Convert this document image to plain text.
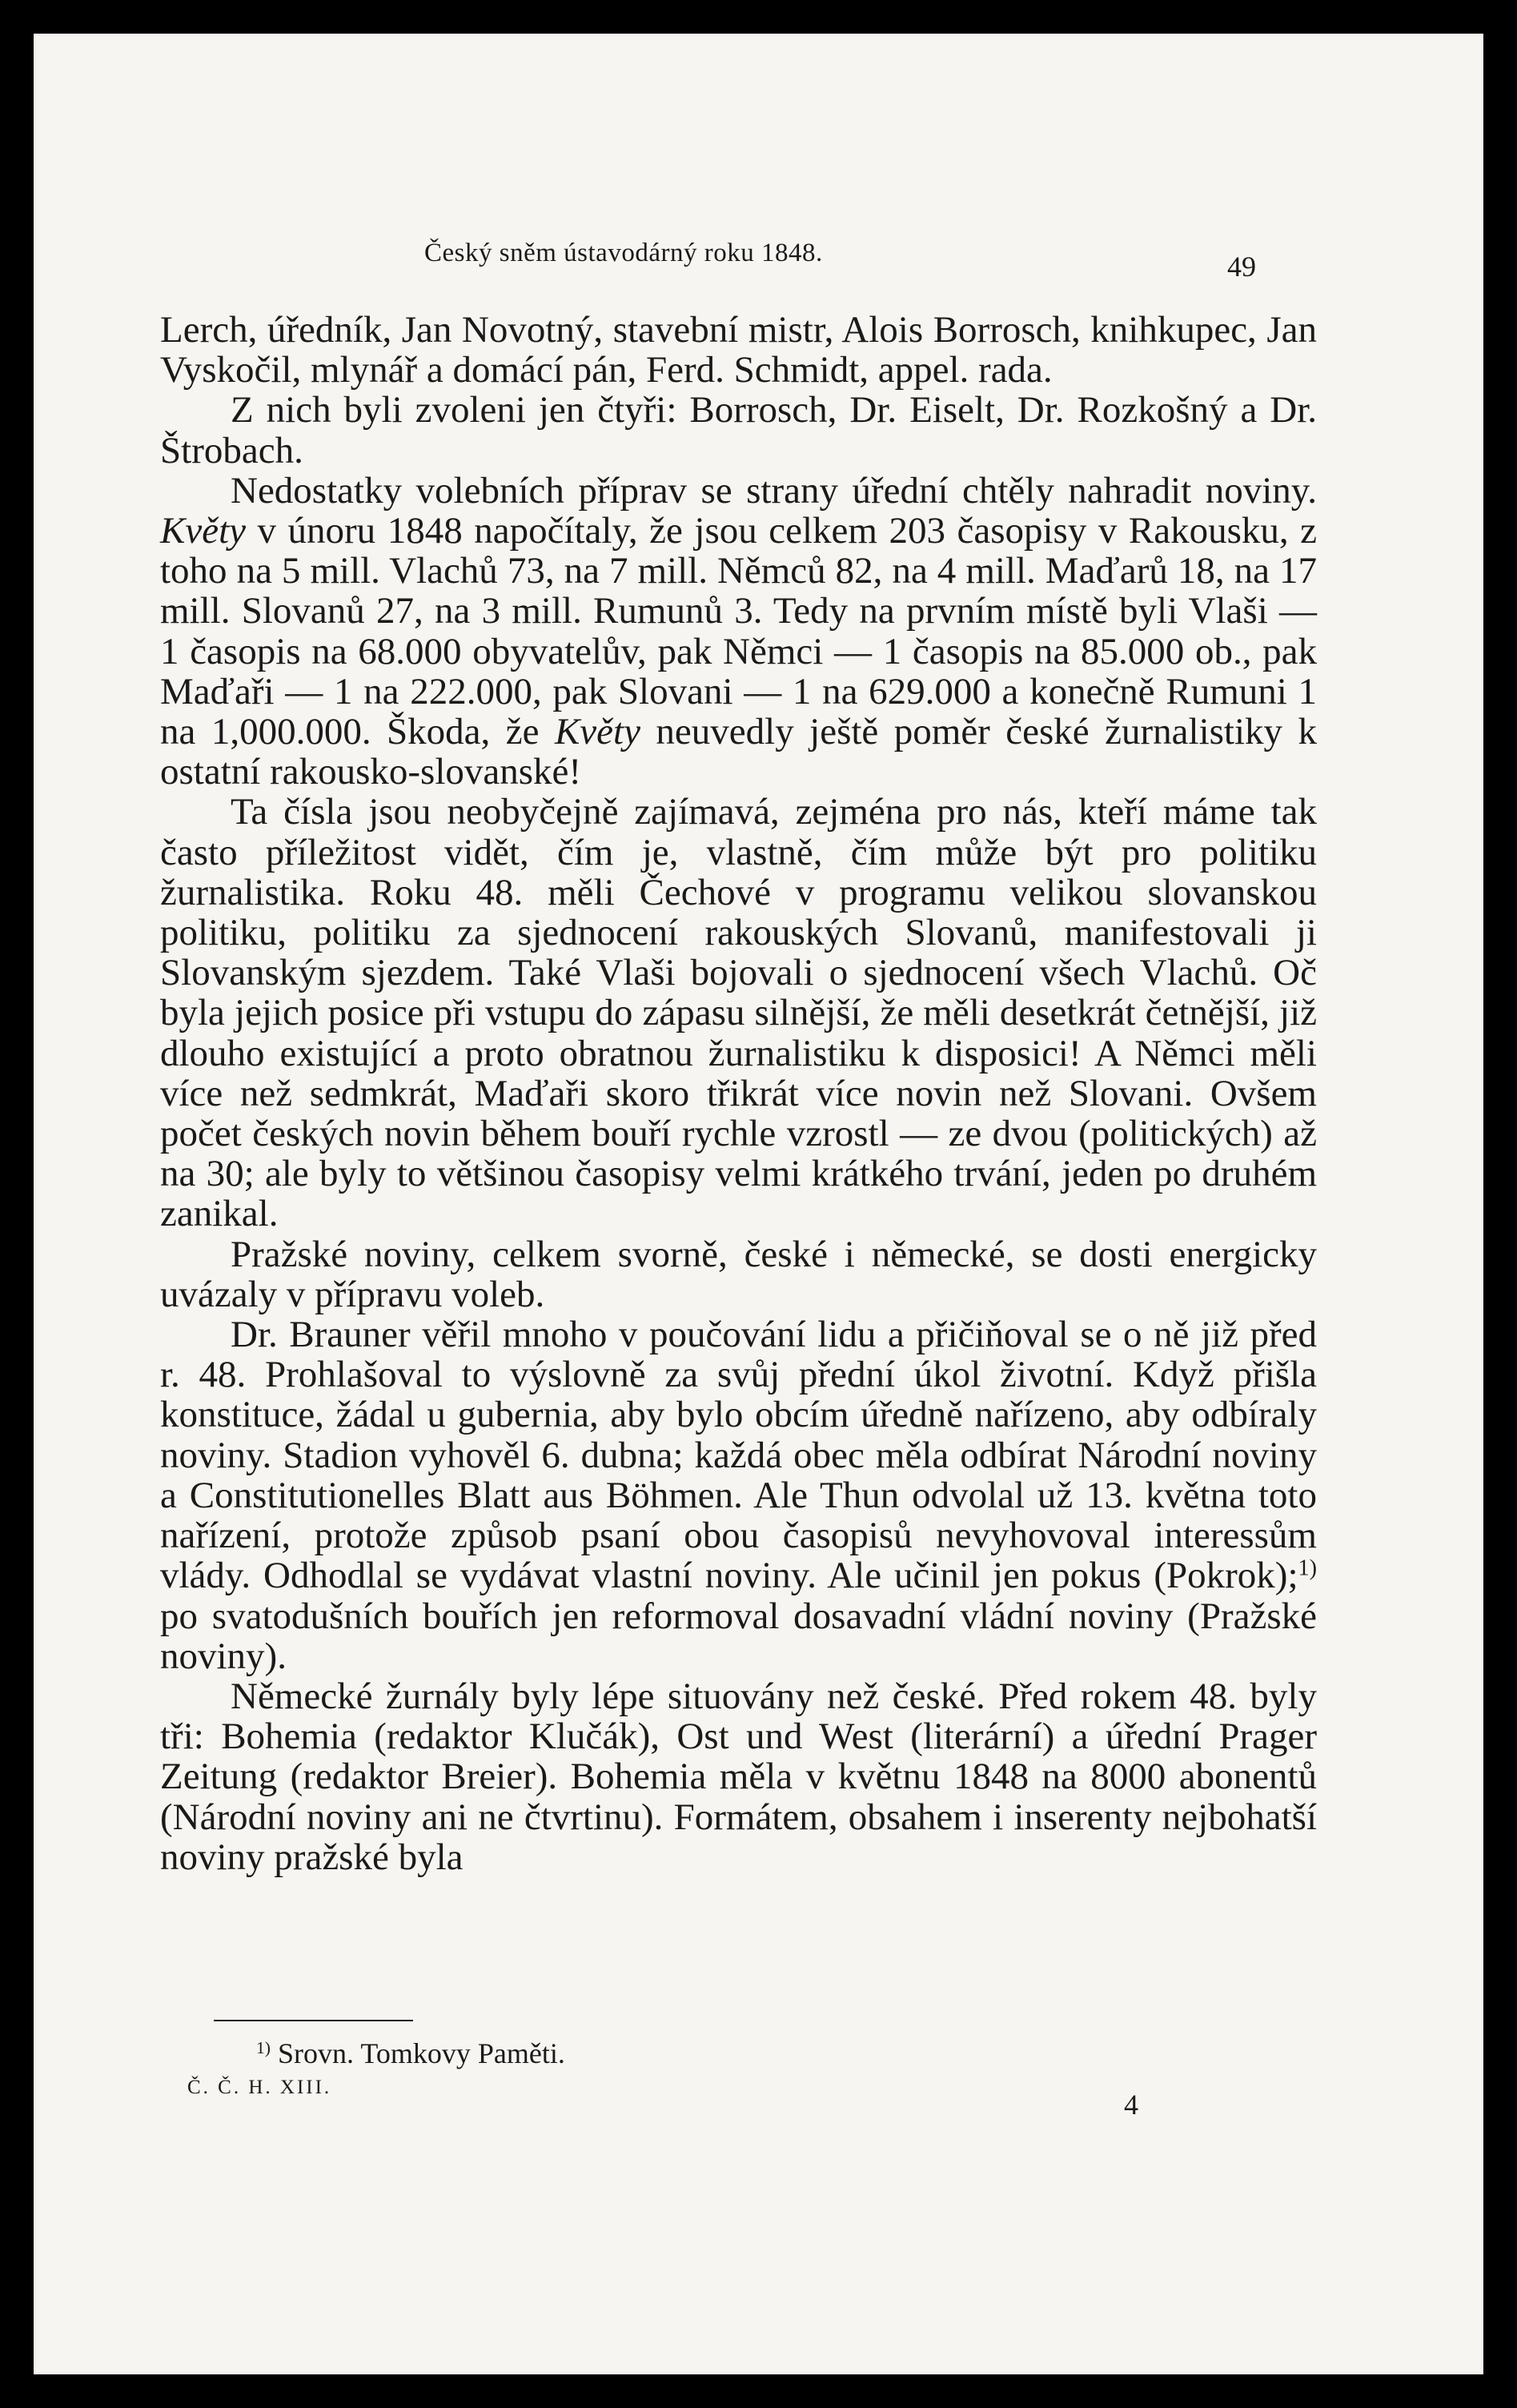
Český sněm ústavodárný roku 1848.	49

Lerch, úředník, Jan Novotný, stavební mistr, Alois Borrosch, knihkupec, Jan Vyskočil, mlynář a domácí pán, Ferd. Schmidt, appel. rada.

Z nich byli zvoleni jen čtyři: Borrosch, Dr. Eiselt, Dr. Rozkošný a Dr. Štrobach.

Nedostatky volebních příprav se strany úřední chtěly nahradit noviny. Květy v únoru 1848 napočítaly, že jsou celkem 203 časopisy v Rakousku, z toho na 5 mill. Vlachů 73, na 7 mill. Němců 82, na 4 mill. Maďarů 18, na 17 mill. Slovanů 27, na 3 mill. Rumunů 3. Tedy na prvním místě byli Vlaši — 1 časopis na 68.000 obyvatelův, pak Němci — 1 časopis na 85.000 ob., pak Maďaři — 1 na 222.000, pak Slovani — 1 na 629.000 a konečně Rumuni 1 na 1,000.000. Škoda, že Květy neuvedly ještě poměr české žurnalistiky k ostatní rakousko-slovanské!

Ta čísla jsou neobyčejně zajímavá, zejména pro nás, kteří máme tak často příležitost vidět, čím je, vlastně, čím může být pro politiku žurnalistika. Roku 48. měli Čechové v programu velikou slovanskou politiku, politiku za sjednocení rakouských Slovanů, manifestovali ji Slovanským sjezdem. Také Vlaši bojovali o sjednocení všech Vlachů. Oč byla jejich posice při vstupu do zápasu silnější, že měli desetkrát četnější, již dlouho existující a proto obratnou žurnalistiku k disposici! A Němci měli více než sedmkrát, Maďaři skoro třikrát více novin než Slovani. Ovšem počet českých novin během bouří rychle vzrostl — ze dvou (politických) až na 30; ale byly to většinou časopisy velmi krátkého trvání, jeden po druhém zanikal.

Pražské noviny, celkem svorně, české i německé, se dosti energicky uvázaly v přípravu voleb.

Dr. Brauner věřil mnoho v poučování lidu a přičiňoval se o ně již před r. 48. Prohlašoval to výslovně za svůj přední úkol životní. Když přišla konstituce, žádal u gubernia, aby bylo obcím úředně nařízeno, aby odbíraly noviny. Stadion vyhověl 6. dubna; každá obec měla odbírat Národní noviny a Constitutionelles Blatt aus Böhmen. Ale Thun odvolal už 13. května toto nařízení, protože způsob psaní obou časopisů nevyhovoval interessům vlády. Odhodlal se vydávat vlastní noviny. Ale učinil jen pokus (Pokrok);$^{1)}$ po svatodušních bouřích jen reformoval dosavadní vládní noviny (Pražské noviny).

Německé žurnály byly lépe situovány než české. Před rokem 48. byly tři: Bohemia (redaktor Klučák), Ost und West (literární) a úřední Prager Zeitung (redaktor Breier). Bohemia měla v květnu 1848 na 8000 abonentů (Národní noviny ani ne čtvrtinu). Formátem, obsahem i inserenty nejbohatší noviny pražské byla

$^{1)}$ Srovn. Tomkovy Paměti.
Č. Č. H. XIII.
4
